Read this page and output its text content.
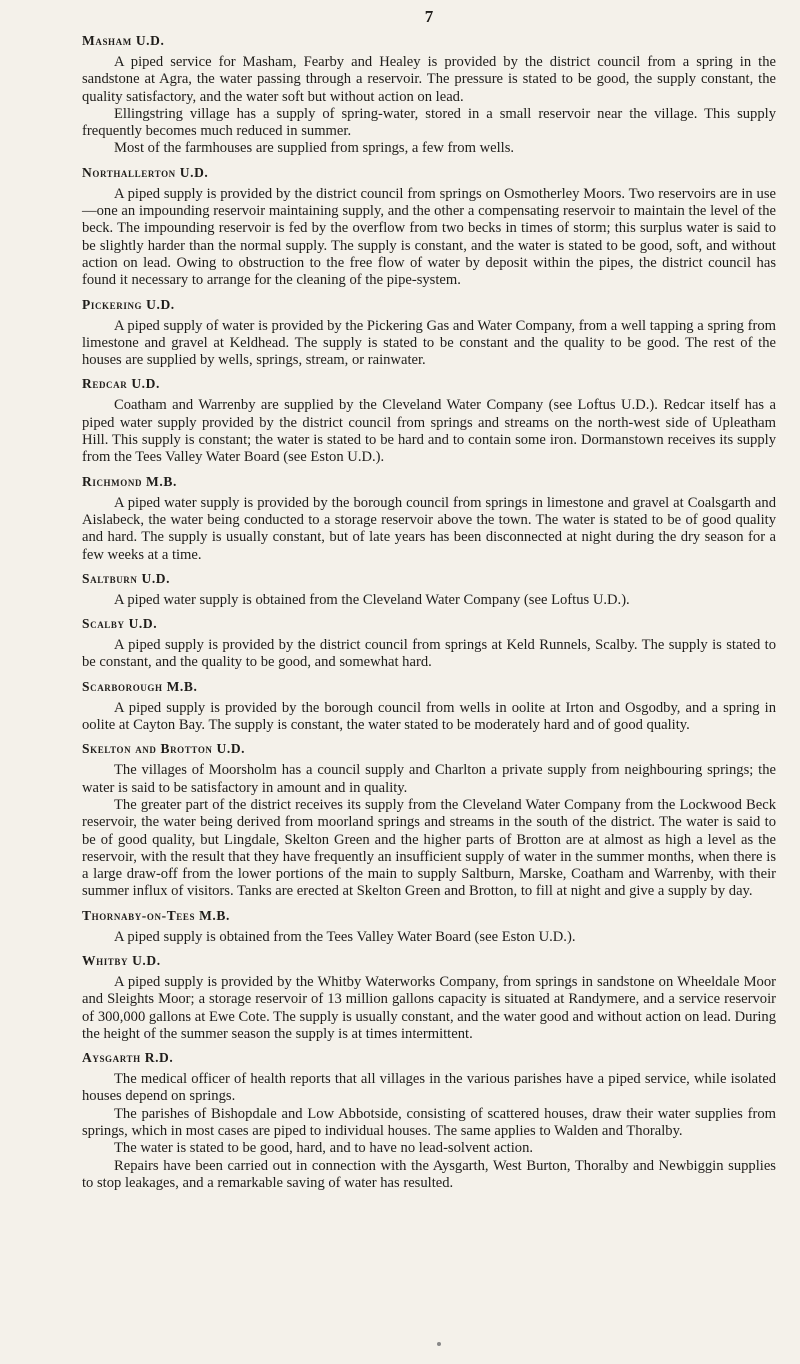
7
Masham U.D.

A piped service for Masham, Fearby and Healey is provided by the district council from a spring in the sandstone at Agra, the water passing through a reservoir. The pressure is stated to be good, the supply constant, the quality satisfactory, and the water soft but without action on lead.

Ellingstring village has a supply of spring-water, stored in a small reservoir near the village. This supply frequently becomes much reduced in summer.

Most of the farmhouses are supplied from springs, a few from wells.

Northallerton U.D.

A piped supply is provided by the district council from springs on Osmotherley Moors. Two reservoirs are in use—one an impounding reservoir maintaining supply, and the other a compensating reservoir to maintain the level of the beck. The impounding reservoir is fed by the overflow from two becks in times of storm; this surplus water is said to be slightly harder than the normal supply. The supply is constant, and the water is stated to be good, soft, and without action on lead. Owing to obstruction to the free flow of water by deposit within the pipes, the district council has found it necessary to arrange for the cleaning of the pipe-system.

Pickering U.D.

A piped supply of water is provided by the Pickering Gas and Water Company, from a well tapping a spring from limestone and gravel at Keldhead. The supply is stated to be constant and the quality to be good. The rest of the houses are supplied by wells, springs, stream, or rainwater.

Redcar U.D.

Coatham and Warrenby are supplied by the Cleveland Water Company (see Loftus U.D.). Redcar itself has a piped water supply provided by the district council from springs and streams on the north-west side of Upleatham Hill. This supply is constant; the water is stated to be hard and to contain some iron. Dormanstown receives its supply from the Tees Valley Water Board (see Eston U.D.).

Richmond M.B.

A piped water supply is provided by the borough council from springs in limestone and gravel at Coalsgarth and Aislabeck, the water being conducted to a storage reservoir above the town. The water is stated to be of good quality and hard. The supply is usually constant, but of late years has been disconnected at night during the dry season for a few weeks at a time.

Saltburn U.D.

A piped water supply is obtained from the Cleveland Water Company (see Loftus U.D.).

Scalby U.D.

A piped supply is provided by the district council from springs at Keld Runnels, Scalby. The supply is stated to be constant, and the quality to be good, and somewhat hard.

Scarborough M.B.

A piped supply is provided by the borough council from wells in oolite at Irton and Osgodby, and a spring in oolite at Cayton Bay. The supply is constant, the water stated to be moderately hard and of good quality.

Skelton and Brotton U.D.

The villages of Moorsholm has a council supply and Charlton a private supply from neighbouring springs; the water is said to be satisfactory in amount and in quality.

The greater part of the district receives its supply from the Cleveland Water Company from the Lockwood Beck reservoir, the water being derived from moorland springs and streams in the south of the district. The water is said to be of good quality, but Lingdale, Skelton Green and the higher parts of Brotton are at almost as high a level as the reservoir, with the result that they have frequently an insufficient supply of water in the summer months, when there is a large draw-off from the lower portions of the main to supply Saltburn, Marske, Coatham and Warrenby, with their summer influx of visitors. Tanks are erected at Skelton Green and Brotton, to fill at night and give a supply by day.

Thornaby-on-Tees M.B.

A piped supply is obtained from the Tees Valley Water Board (see Eston U.D.).

Whitby U.D.

A piped supply is provided by the Whitby Waterworks Company, from springs in sandstone on Wheeldale Moor and Sleights Moor; a storage reservoir of 13 million gallons capacity is situated at Randymere, and a service reservoir of 300,000 gallons at Ewe Cote. The supply is usually constant, and the water good and without action on lead. During the height of the summer season the supply is at times intermittent.

Aysgarth R.D.

The medical officer of health reports that all villages in the various parishes have a piped service, while isolated houses depend on springs.

The parishes of Bishopdale and Low Abbotside, consisting of scattered houses, draw their water supplies from springs, which in most cases are piped to individual houses. The same applies to Walden and Thoralby.

The water is stated to be good, hard, and to have no lead-solvent action.

Repairs have been carried out in connection with the Aysgarth, West Burton, Thoralby and Newbiggin supplies to stop leakages, and a remarkable saving of water has resulted.
